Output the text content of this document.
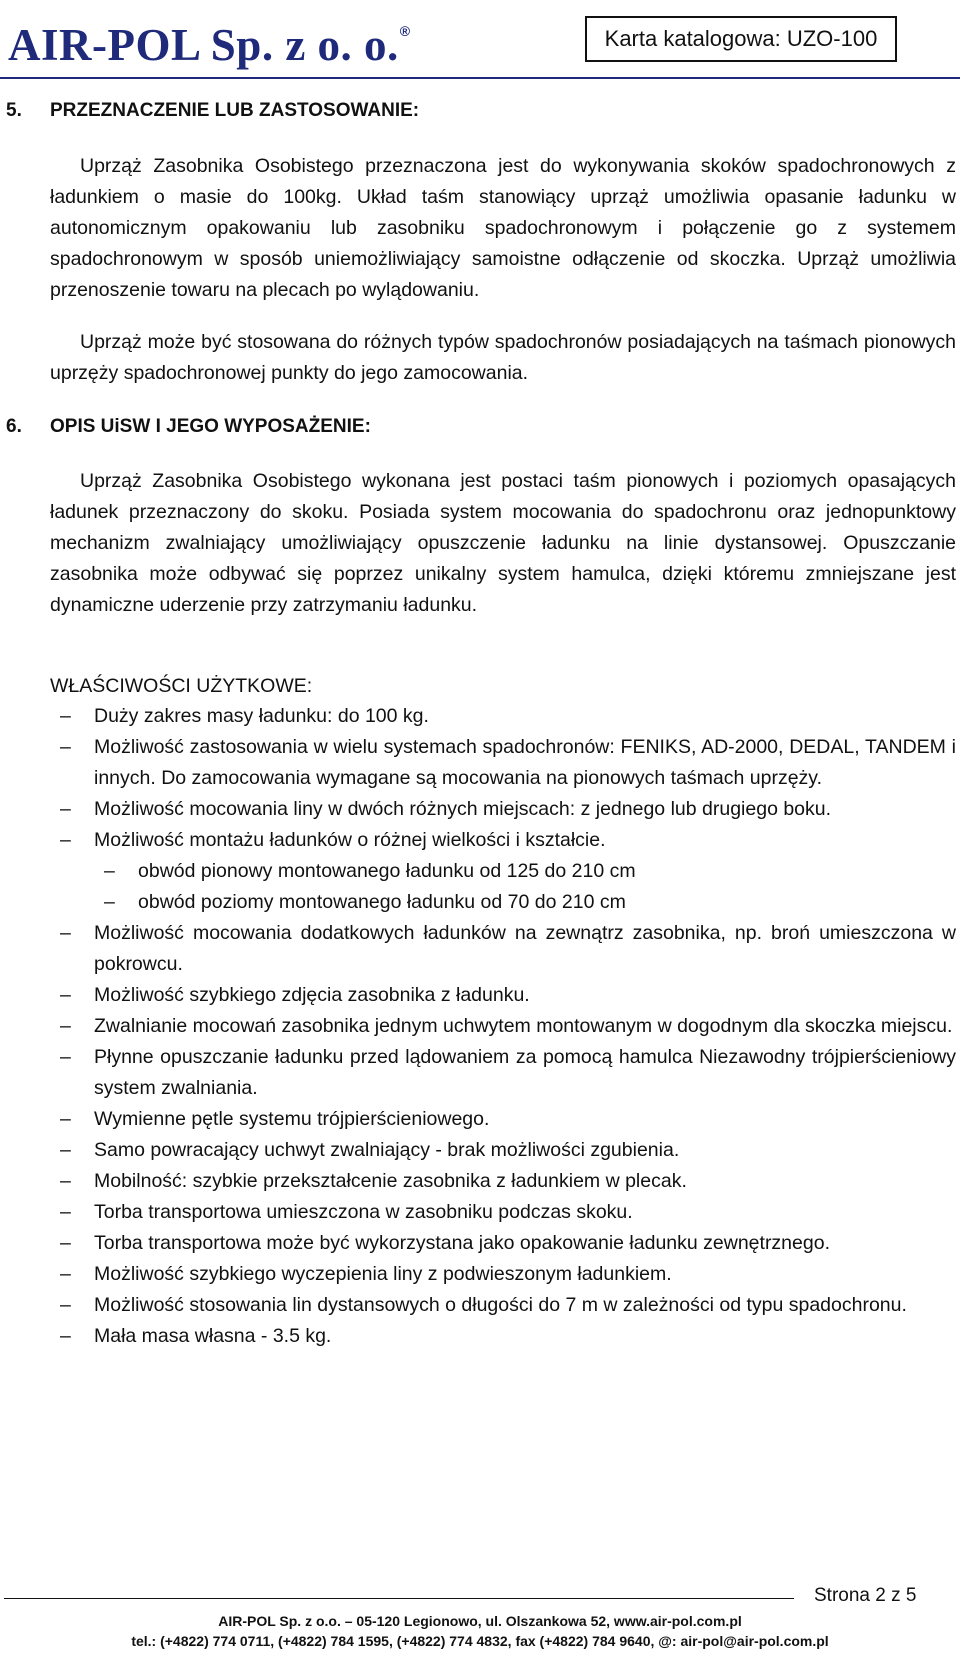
AIR-POL Sp. z o. o.®	Karta katalogowa: UZO-100
5. PRZEZNACZENIE LUB ZASTOSOWANIE:
Uprząż Zasobnika Osobistego przeznaczona jest do wykonywania skoków spadochronowych z ładunkiem o masie do 100kg. Układ taśm stanowiący uprząż umożliwia opasanie ładunku w autonomicznym opakowaniu lub zasobniku spadochronowym i połączenie go z systemem spadochronowym w sposób uniemożliwiający samoistne odłączenie od skoczka. Uprząż umożliwia przenoszenie towaru na plecach po wylądowaniu.
Uprząż może być stosowana do różnych typów spadochronów posiadających na taśmach pionowych uprzęży spadochronowej punkty do jego zamocowania.
6. OPIS UiSW I JEGO WYPOSAŻENIE:
Uprząż Zasobnika Osobistego wykonana jest postaci taśm pionowych i poziomych opasających ładunek przeznaczony do skoku. Posiada system mocowania do spadochronu oraz jednopunktowy mechanizm zwalniający umożliwiający opuszczenie ładunku na linie dystansowej. Opuszczanie zasobnika może odbywać się poprzez unikalny system hamulca, dzięki któremu zmniejszane jest dynamiczne uderzenie przy zatrzymaniu ładunku.
WŁAŚCIWOŚCI UŻYTKOWE:
–	Duży zakres masy ładunku: do 100 kg.
–	Możliwość zastosowania w wielu systemach spadochronów: FENIKS, AD-2000, DEDAL, TANDEM i innych. Do zamocowania wymagane są mocowania na pionowych taśmach uprzęży.
–	Możliwość mocowania liny w dwóch różnych miejscach: z jednego lub drugiego boku.
–	Możliwość montażu ładunków o różnej wielkości i kształcie.
–	obwód pionowy montowanego ładunku od 125 do 210 cm
–	obwód poziomy montowanego ładunku od 70 do 210 cm
–	Możliwość mocowania dodatkowych ładunków na zewnątrz zasobnika, np. broń umieszczona w pokrowcu.
–	Możliwość szybkiego zdjęcia zasobnika z ładunku.
–	Zwalnianie mocowań zasobnika jednym uchwytem montowanym w dogodnym dla skoczka miejscu.
–	Płynne opuszczanie ładunku przed lądowaniem za pomocą hamulca Niezawodny trójpierścieniowy system zwalniania.
–	Wymienne pętle systemu trójpierścieniowego.
–	Samo powracający uchwyt zwalniający - brak możliwości zgubienia.
–	Mobilność: szybkie przekształcenie zasobnika z ładunkiem w plecak.
–	Torba transportowa umieszczona w zasobniku podczas skoku.
–	Torba transportowa może być wykorzystana jako opakowanie ładunku zewnętrznego.
–	Możliwość szybkiego wyczepienia liny z podwieszonym ładunkiem.
–	Możliwość stosowania lin dystansowych o długości do 7 m w zależności od typu spadochronu.
–	Mała masa własna - 3.5 kg.
Strona 2 z 5
AIR-POL Sp. z o.o. – 05-120 Legionowo, ul. Olszankowa 52, www.air-pol.com.pl
tel.: (+4822) 774 0711, (+4822) 784 1595, (+4822) 774 4832, fax (+4822) 784 9640, @: air-pol@air-pol.com.pl
